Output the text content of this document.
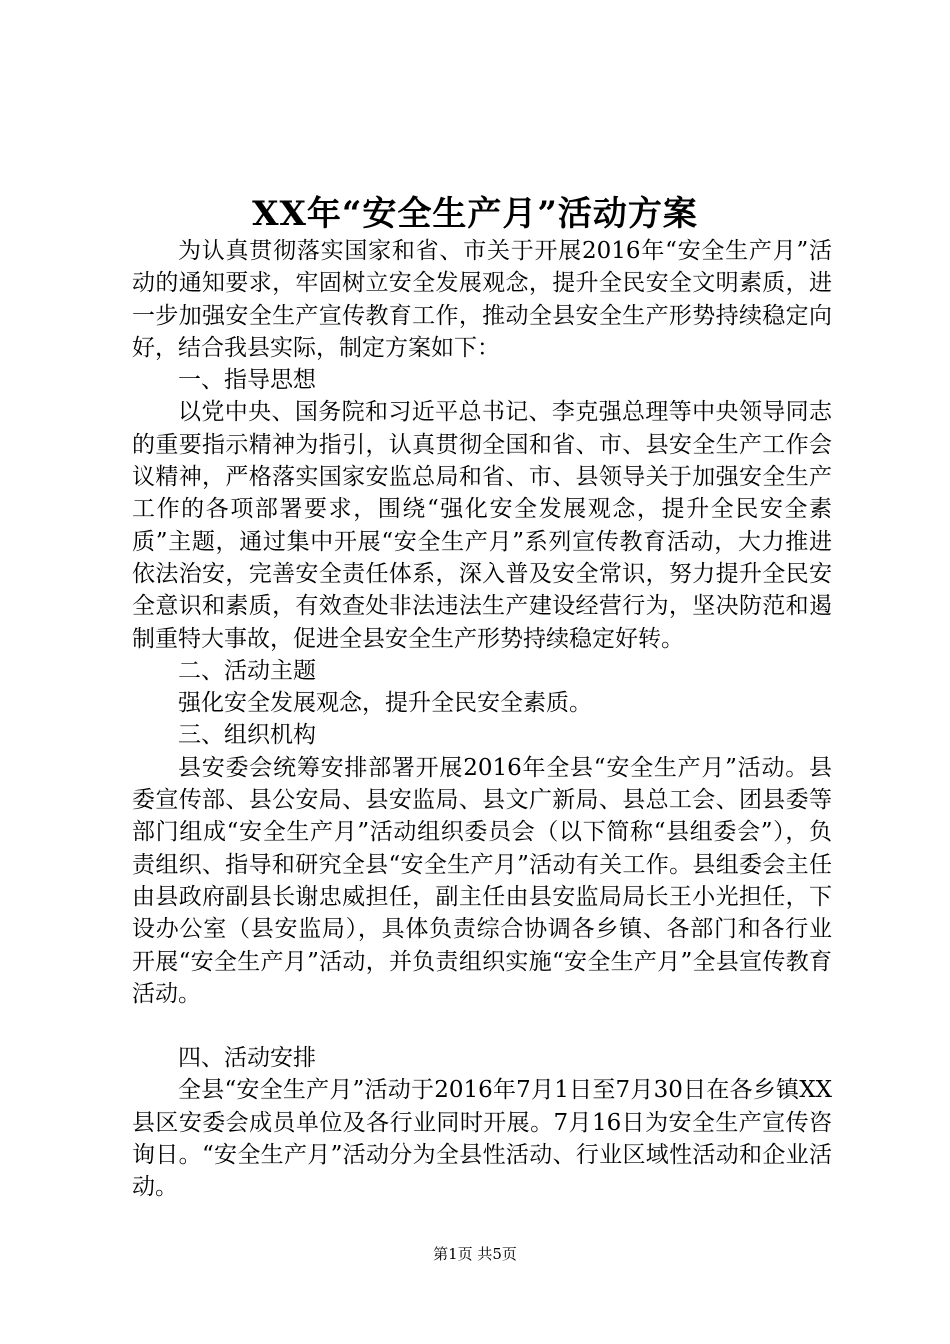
XX年“安全生产月”活动方案

为认真贯彻落实国家和省、市关于开展2016年“安全生产月”活动的通知要求，牢固树立安全发展观念，提升全民安全文明素质，进一步加强安全生产宣传教育工作，推动全县安全生产形势持续稳定向好，结合我县实际，制定方案如下：

一、指导思想

以党中央、国务院和习近平总书记、李克强总理等中央领导同志的重要指示精神为指引，认真贯彻全国和省、市、县安全生产工作会议精神，严格落实国家安监总局和省、市、县领导关于加强安全生产工作的各项部署要求，围绕“强化安全发展观念，提升全民安全素质”主题，通过集中开展“安全生产月”系列宣传教育活动，大力推进依法治安，完善安全责任体系，深入普及安全常识，努力提升全民安全意识和素质，有效查处非法违法生产建设经营行为，坚决防范和遏制重特大事故，促进全县安全生产形势持续稳定好转。

二、活动主题

强化安全发展观念，提升全民安全素质。

三、组织机构

县安委会统筹安排部署开展2016年全县“安全生产月”活动。县委宣传部、县公安局、县安监局、县文广新局、县总工会、团县委等部门组成“安全生产月”活动组织委员会（以下简称“县组委会”），负责组织、指导和研究全县“安全生产月”活动有关工作。县组委会主任由县政府副县长谢忠威担任，副主任由县安监局局长王小光担任，下设办公室（县安监局），具体负责综合协调各乡镇、各部门和各行业开展“安全生产月”活动，并负责组织实施“安全生产月”全县宣传教育活动。

四、活动安排

全县“安全生产月”活动于2016年7月1日至7月30日在各乡镇XX县区安委会成员单位及各行业同时开展。7月16日为安全生产宣传咨询日。“安全生产月”活动分为全县性活动、行业区域性活动和企业活动。

第1页 共5页
